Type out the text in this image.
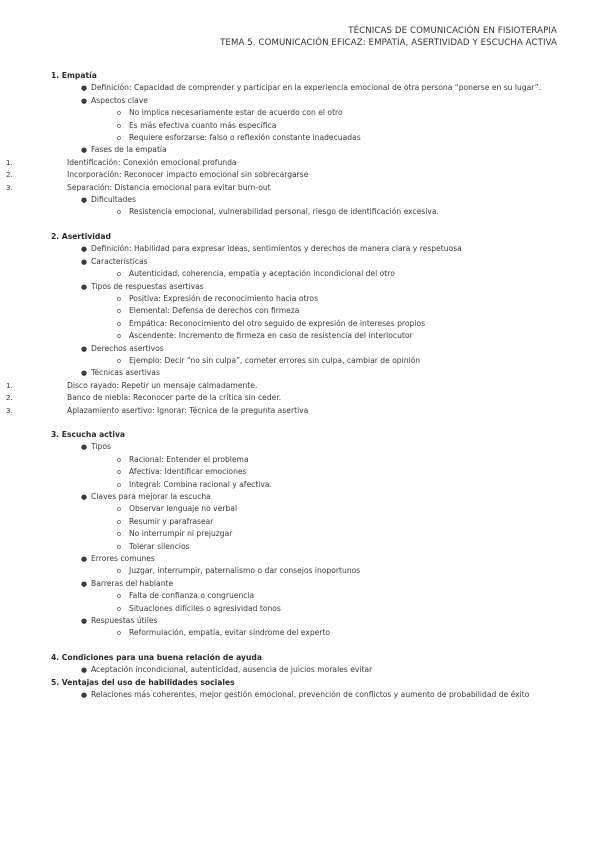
TÉCNICAS DE COMUNICACIÓN EN FISIOTERAPIA
TEMA 5. COMUNICACIÓN EFICAZ: EMPATÍA, ASERTIVIDAD Y ESCUCHA ACTIVA
1. Empatía
● Definición: Capacidad de comprender y participar en la experiencia emocional de otra persona “ponerse en su lugar”.
● Aspectos clave
o No implica necesariamente estar de acuerdo con el otro
o Es más efectiva cuanto más específica
o Requiere esforzarse: falso o reflexión constante inadecuadas
● Fases de la empatía
1.	Identificación: Conexión emocional profunda
2.	Incorporación: Reconocer impacto emocional sin sobrecargarse
3.	Separación: Distancia emocional para evitar burn-out
● Dificultades
o Resistencia emocional, vulnerabilidad personal, riesgo de identificación excesiva.
2. Asertividad
● Definición: Habilidad para expresar ideas, sentimientos y derechos de manera clara y respetuosa
● Características
o Autenticidad, coherencia, empatía y aceptación incondicional del otro
● Tipos de respuestas asertivas
o Positiva: Expresión de reconocimiento hacia otros
o Elemental: Defensa de derechos con firmeza
o Empática: Reconocimiento del otro seguido de expresión de intereses propios
o Ascendente: Incremento de firmeza en caso de resistencia del interlocutor
● Derechos asertivos
o Ejemplo: Decir “no sin culpa”, cometer errores sin culpa, cambiar de opinión
● Técnicas asertivas
1.	Disco rayado: Repetir un mensaje calmadamente.
2.	Banco de niebla: Reconocer parte de la crítica sin ceder.
3.	Aplazamiento asertivo: Ignorar: Técnica de la pregunta asertiva
3. Escucha activa
● Tipos
o Racional: Entender el problema
o Afectiva: Identificar emociones
o Integral: Combina racional y afectiva.
● Claves para mejorar la escucha
o Observar lenguaje no verbal
o Resumir y parafrasear
o No interrumpir ni prejuzgar
o Tolerar silencios
● Errores comunes
o Juzgar, interrumpir, paternalismo o dar consejos inoportunos
● Barreras del hablante
o Falta de confianza o congruencia
o Situaciones difíciles o agresividad tonos
● Respuestas útiles
o Reformulación, empatía, evitar síndrome del experto
4. Condiciones para una buena relación de ayuda
● Aceptación incondicional, autenticidad, ausencia de juicios morales evitar
5. Ventajas del uso de habilidades sociales
● Relaciones más coherentes, mejor gestión emocional, prevención de conflictos y aumento de probabilidad de éxito
